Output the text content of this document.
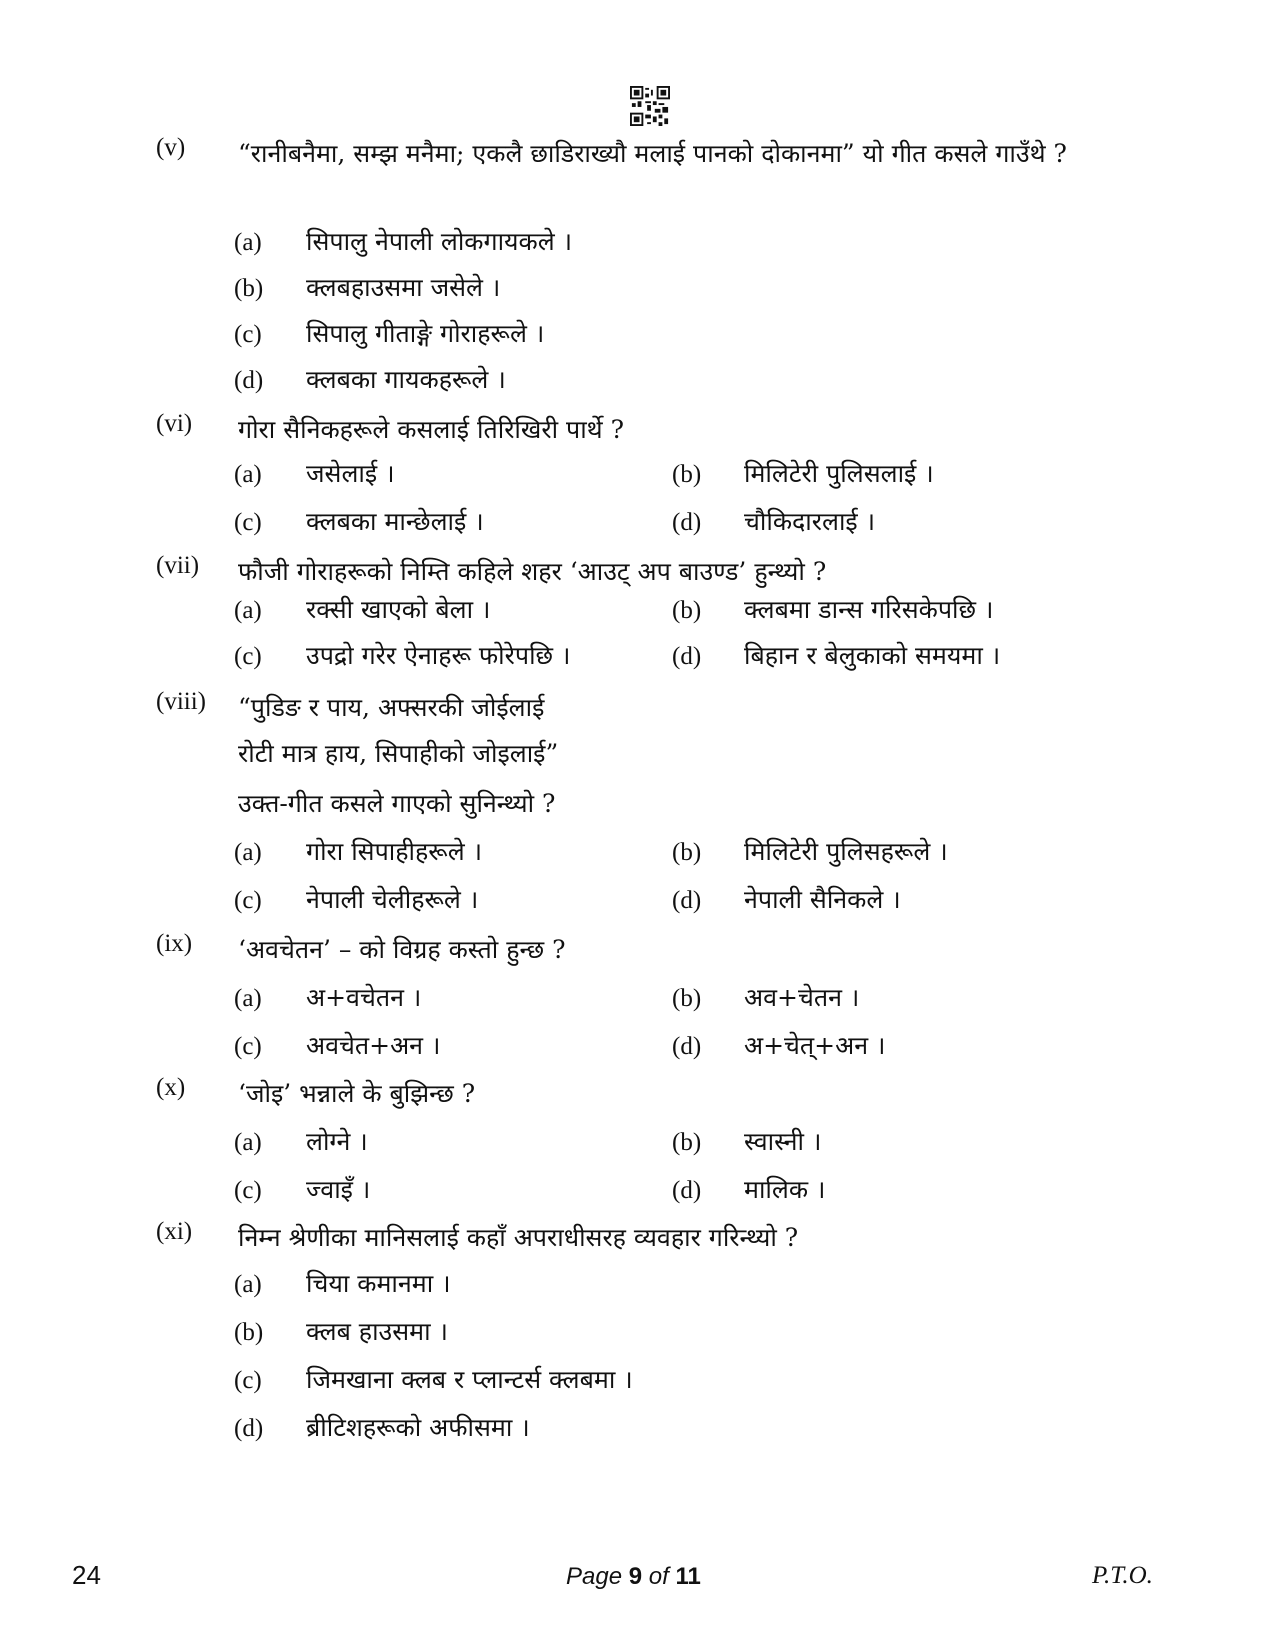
(v) “रानीबनैमा, सम्झ मनैमा; एकलै छाडिराख्यौ मलाई पानको दोकानमा” यो गीत कसले गाउँथे ?
(a) सिपालु नेपाली लोकगायकले ।
(b) क्लबहाउसमा जसेले ।
(c) सिपालु गीताङ्गे गोराहरूले ।
(d) क्लबका गायकहरूले ।
(vi) गोरा सैनिकहरूले कसलाई तिरिखिरी पार्थे ?
(a) जसेलाई ।	(b) मिलिटेरी पुलिसलाई ।
(c) क्लबका मान्छेलाई ।	(d) चौकिदारलाई ।
(vii) फौजी गोराहरूको निम्ति कहिले शहर ‘आउट् अप बाउण्ड’ हुन्थ्यो ?
(a) रक्सी खाएको बेला ।	(b) क्लबमा डान्स गरिसकेपछि ।
(c) उपद्रो गरेर ऐनाहरू फोरेपछि ।	(d) बिहान र बेलुकाको समयमा ।
(viii) “पुडिङ र पाय, अफ्सरकी जोईलाई
रोटी मात्र हाय, सिपाहीको जोइलाई”
उक्त-गीत कसले गाएको सुनिन्थ्यो ?
(a) गोरा सिपाहीहरूले ।	(b) मिलिटेरी पुलिसहरूले ।
(c) नेपाली चेलीहरूले ।	(d) नेपाली सैनिकले ।
(ix) ‘अवचेतन’ – को विग्रह कस्तो हुन्छ ?
(a) अ+वचेतन ।	(b) अव+चेतन ।
(c) अवचेत+अन ।	(d) अ+चेत्+अन ।
(x) ‘जोइ’ भन्नाले के बुझिन्छ ?
(a) लोग्ने ।	(b) स्वास्नी ।
(c) ज्वाइँ ।	(d) मालिक ।
(xi) निम्न श्रेणीका मानिसलाई कहाँ अपराधीसरह व्यवहार गरिन्थ्यो ?
(a) चिया कमानमा ।
(b) क्लब हाउसमा ।
(c) जिमखाना क्लब र प्लान्टर्स क्लबमा ।
(d) ब्रीटिशहरूको अफीसमा ।
24	Page 9 of 11	P.T.O.
